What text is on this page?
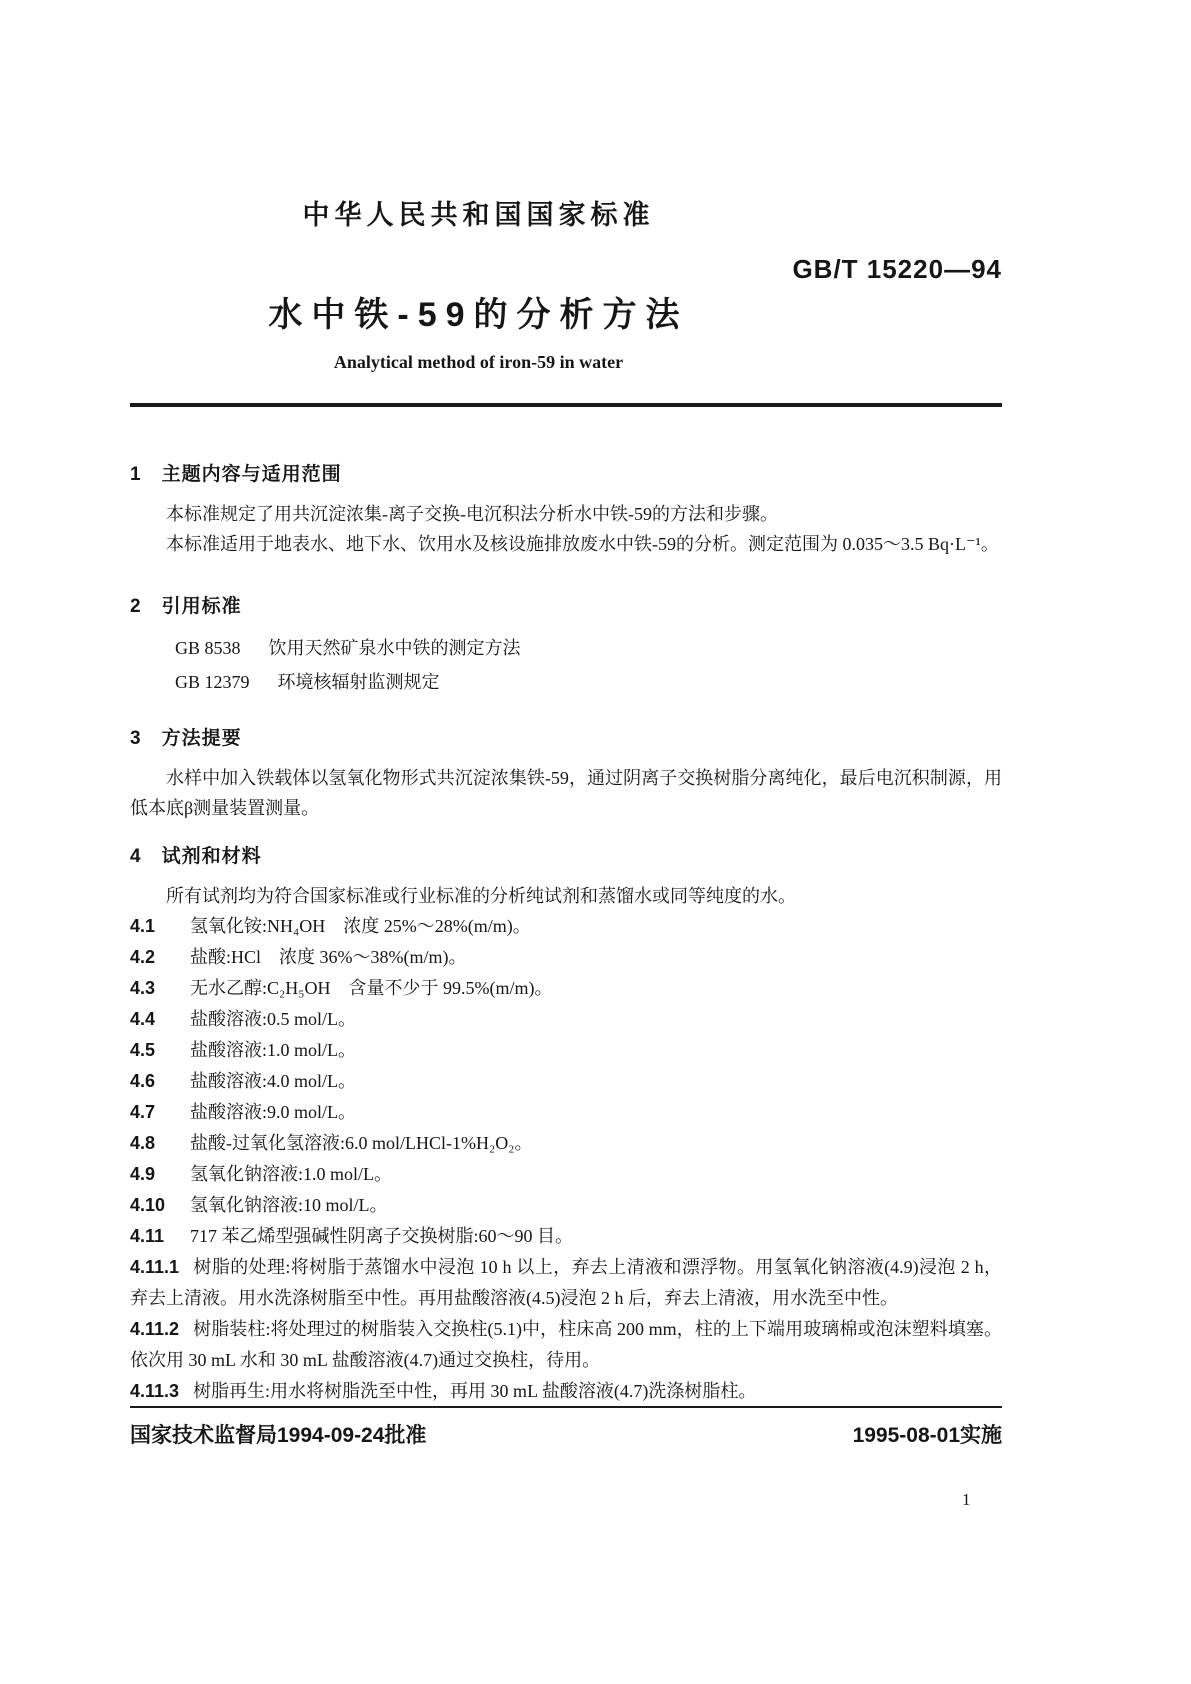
中华人民共和国国家标准
GB/T 15220—94
水中铁-59的分析方法
Analytical method of iron-59 in water
1　主题内容与适用范围

本标准规定了用共沉淀浓集-离子交换-电沉积法分析水中铁-59的方法和步骤。

本标准适用于地表水、地下水、饮用水及核设施排放废水中铁-59的分析。测定范围为 0.035～3.5 Bq·L⁻¹。

2　引用标准

GB 8538 饮用天然矿泉水中铁的测定方法

GB 12379 环境核辐射监测规定

3　方法提要

水样中加入铁载体以氢氧化物形式共沉淀浓集铁-59，通过阴离子交换树脂分离纯化，最后电沉积制源，用低本底β测量装置测量。

4　试剂和材料

所有试剂均为符合国家标准或行业标准的分析纯试剂和蒸馏水或同等纯度的水。

4.1 氢氧化铵:NH₄OH　浓度 25%～28%(m/m)。

4.2 盐酸:HCl　浓度 36%～38%(m/m)。

4.3 无水乙醇:C₂H₅OH　含量不少于 99.5%(m/m)。

4.4 盐酸溶液:0.5 mol/L。

4.5 盐酸溶液:1.0 mol/L。

4.6 盐酸溶液:4.0 mol/L。

4.7 盐酸溶液:9.0 mol/L。

4.8 盐酸-过氧化氢溶液:6.0 mol/LHCl-1%H₂O₂。

4.9 氢氧化钠溶液:1.0 mol/L。

4.10 氢氧化钠溶液:10 mol/L。

4.11 717 苯乙烯型强碱性阴离子交换树脂:60～90 目。

4.11.1 树脂的处理:将树脂于蒸馏水中浸泡 10 h 以上，弃去上清液和漂浮物。用氢氧化钠溶液(4.9)浸泡 2 h，弃去上清液。用水洗涤树脂至中性。再用盐酸溶液(4.5)浸泡 2 h 后，弃去上清液，用水洗至中性。

4.11.2 树脂装柱:将处理过的树脂装入交换柱(5.1)中，柱床高 200 mm，柱的上下端用玻璃棉或泡沫塑料填塞。依次用 30 mL 水和 30 mL 盐酸溶液(4.7)通过交换柱，待用。

4.11.3 树脂再生:用水将树脂洗至中性，再用 30 mL 盐酸溶液(4.7)洗涤树脂柱。

国家技术监督局1994-09-24批准	1995-08-01实施
1
